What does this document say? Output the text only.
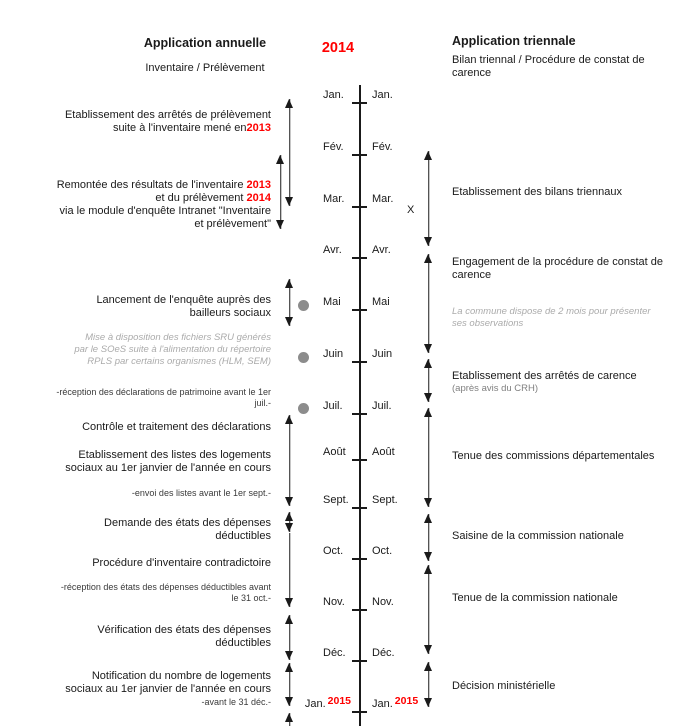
Application annuelle
Inventaire / Prélèvement
2014	Application triennale
Bilan triennal / Procédure de constat de carence
Jan.	Jan.
Fév.	Fév.
Mar.	Mar.
Avr.	Avr.
Mai	Mai
Juin	Juin
Juil.	Juil.
Août Août
Sept. Sept.
Oct.	Oct.
Nov. Nov.
Déc. Déc.
Jan. 2015 Jan. 2015
X
Etablissement des arrêtés de prélèvement suite à l'inventaire mené en2013
Remontée des résultats de l'inventaire 2013
et du prélèvement 2014
via le module d'enquête Intranet "Inventaire et prélèvement"
Lancement de l'enquête auprès des bailleurs sociaux
Mise à disposition des fichiers SRU générés par le SOeS suite à l'alimentation du répertoire RPLS par certains organismes (HLM, SEM)
-réception des déclarations de patrimoine avant le 1er juil.-
Contrôle et traitement des déclarations
Etablissement des listes des logements sociaux au 1er janvier de l'année en cours
-envoi des listes avant le 1er sept.-
Demande des états des dépenses déductibles
Procédure d'inventaire contradictoire
-réception des états des dépenses déductibles avant le 31 oct.-
Vérification des états des dépenses déductibles
Notification du nombre de logements sociaux au 1er janvier de l'année en cours
-avant le 31 déc.-
Etablissement des bilans triennaux
Engagement de la procédure de constat de carence
La commune dispose de 2 mois pour présenter ses observations
Etablissement des arrêtés de carence
(après avis du CRH)
Tenue des commissions départementales
Saisine de la commission nationale
Tenue de la commission nationale
Décision ministérielle
